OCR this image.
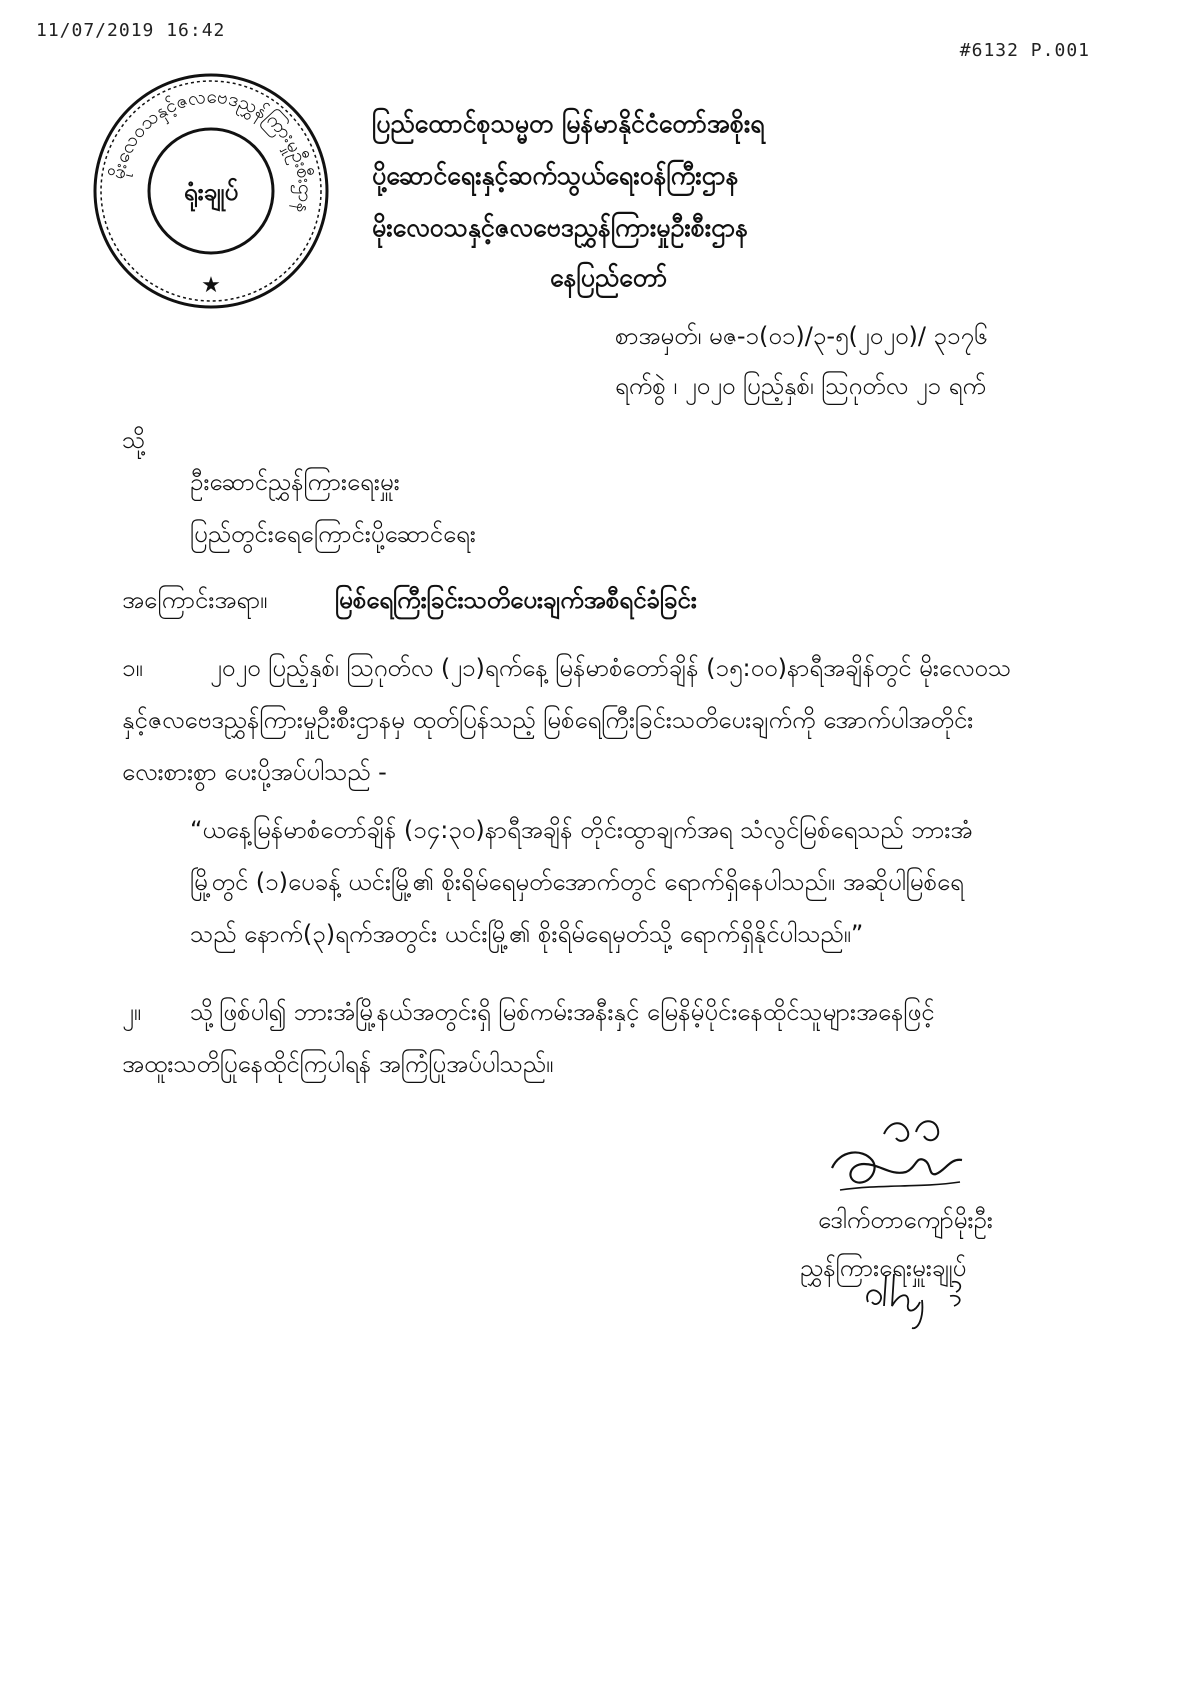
11/07/2019 16:42
#6132 P.001
မိုးလေဝသနှင့်ဇလဗေဒညွှန်ကြားမှုဦးစီးဌာန
ရုံးချုပ်
★
ပြည်ထောင်စုသမ္မတ မြန်မာနိုင်ငံတော်အစိုးရ
ပို့ဆောင်ရေးနှင့်ဆက်သွယ်ရေးဝန်ကြီးဌာန
မိုးလေဝသနှင့်ဇလဗေဒညွှန်ကြားမှုဦးစီးဌာန
နေပြည်တော်
စာအမှတ်၊ မဇ-၁(၀၁)/၃-၅(၂၀၂၀)/ ၃၁၇၆
ရက်စွဲ ၊ ၂၀၂၀ ပြည့်နှစ်၊ ဩဂုတ်လ ၂၁ ရက်
သို့
ဦးဆောင်ညွှန်ကြားရေးမှူး
ပြည်တွင်းရေကြောင်းပို့ဆောင်ရေး
အကြောင်းအရာ။	မြစ်ရေကြီးခြင်းသတိပေးချက်အစီရင်ခံခြင်း
၁။	၂၀၂၀ ပြည့်နှစ်၊ ဩဂုတ်လ (၂၁)ရက်နေ့ မြန်မာစံတော်ချိန် (၁၅:၀၀)နာရီအချိန်တွင် မိုးလေဝသ
နှင့်ဇလဗေဒညွှန်ကြားမှုဦးစီးဌာနမှ ထုတ်ပြန်သည့် မြစ်ရေကြီးခြင်းသတိပေးချက်ကို အောက်ပါအတိုင်း
လေးစားစွာ ပေးပို့အပ်ပါသည် -
“ယနေ့မြန်မာစံတော်ချိန် (၁၄:၃၀)နာရီအချိန် တိုင်းထွာချက်အရ သံလွင်မြစ်ရေသည် ဘားအံ
မြို့တွင် (၁)ပေခန့် ယင်းမြို့၏ စိုးရိမ်ရေမှတ်အောက်တွင် ရောက်ရှိနေပါသည်။ အဆိုပါမြစ်ရေ
သည် နောက်(၃)ရက်အတွင်း ယင်းမြို့၏ စိုးရိမ်ရေမှတ်သို့ ရောက်ရှိနိုင်ပါသည်။”
၂။ သို့ဖြစ်ပါ၍ ဘားအံမြို့နယ်အတွင်းရှိ မြစ်ကမ်းအနီးနှင့် မြေနိမ့်ပိုင်းနေထိုင်သူများအနေဖြင့်
အထူးသတိပြုနေထိုင်ကြပါရန် အကြံပြုအပ်ပါသည်။
ဒေါက်တာကျော်မိုးဦး
ညွှန်ကြားရေးမှူးချုပ်
